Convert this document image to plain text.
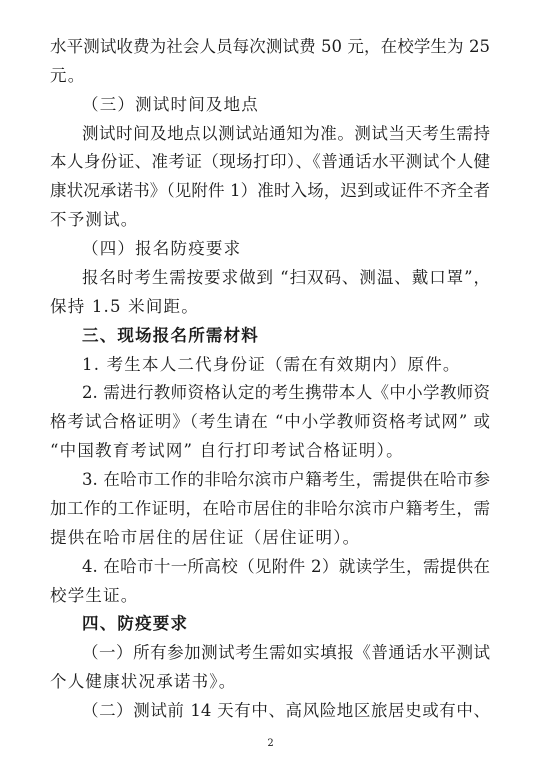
水平测试收费为社会人员每次测试费 50 元，在校学生为 25
元。
（三）测试时间及地点
测试时间及地点以测试站通知为准。测试当天考生需持
本人身份证、准考证（现场打印）、《普通话水平测试个人健
康状况承诺书》（见附件 1）准时入场，迟到或证件不齐全者
不予测试。
（四）报名防疫要求
报名时考生需按要求做到 “扫双码、测温、戴口罩”，
保持 1.5 米间距。
三、现场报名所需材料
1. 考生本人二代身份证（需在有效期内）原件。
2. 需进行教师资格认定的考生携带本人《中小学教师资
格考试合格证明》（考生请在 “中小学教师资格考试网” 或
“中国教育考试网” 自行打印考试合格证明）。
3. 在哈市工作的非哈尔滨市户籍考生，需提供在哈市参
加工作的工作证明，在哈市居住的非哈尔滨市户籍考生，需
提供在哈市居住的居住证（居住证明）。
4. 在哈市十一所高校（见附件 2）就读学生，需提供在
校学生证。
四、防疫要求
（一）所有参加测试考生需如实填报《普通话水平测试
个人健康状况承诺书》。
（二）测试前 14 天有中、高风险地区旅居史或有中、
2
